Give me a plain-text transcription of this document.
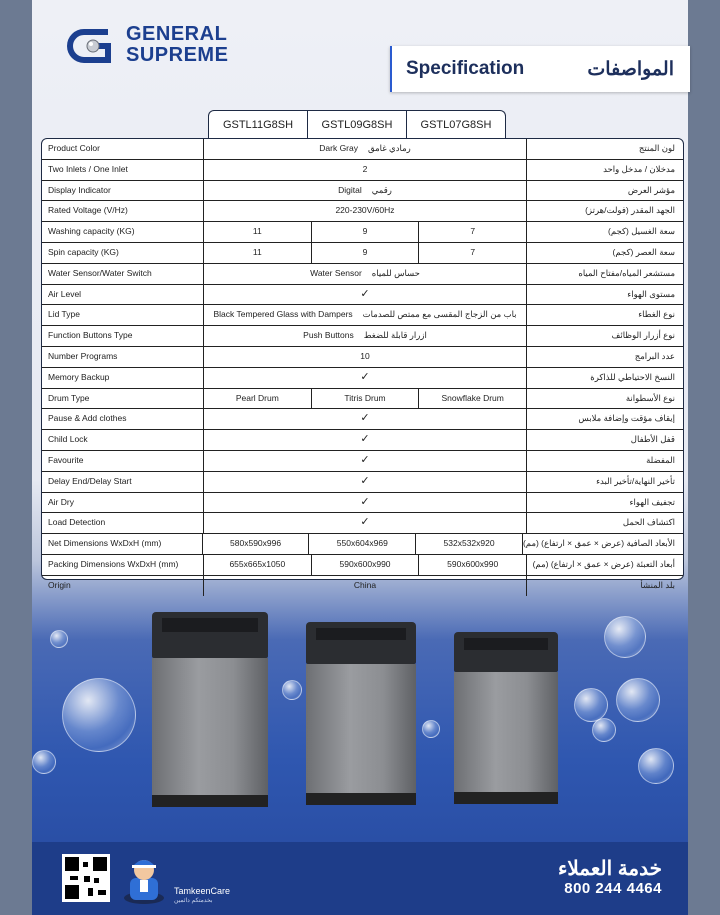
GENERAL
SUPREME
Specification	المواصفات
GSTL11G8SH	GSTL09G8SH	GSTL07G8SH
Product Color	Dark Gray رمادي غامق	لون المنتج
Two Inlets / One Inlet	2	مدخلان / مدخل واحد
Display Indicator	Digital رقمي	مؤشر العرض
Rated Voltage (V/Hz)	220-230V/60Hz	الجهد المقدر (فولت/هرتز)
Washing capacity (KG)	11	9	7	سعة الغسيل (كجم)
Spin capacity (KG)	11	9	7	سعة العصر (كجم)
Water Sensor/Water Switch	Water Sensor حساس للمياه	مستشعر المياه/مفتاح المياه
Air Level	✓	مستوى الهواء
Lid Type	Black Tempered Glass with Dampers باب من الزجاج المقسى مع ممتص للصدمات	نوع الغطاء
Function Buttons Type	Push Buttons ازرار قابلة للضغط	نوع أزرار الوظائف
Number Programs	10	عدد البرامج
Memory Backup	✓	النسخ الاحتياطي للذاكرة
Drum Type	Pearl Drum	Titris Drum	Snowflake Drum	نوع الأسطوانة
Pause & Add clothes	✓	إيقاف مؤقت وإضافة ملابس
Child Lock	✓	قفل الأطفال
Favourite	✓	المفضلة
Delay End/Delay Start	✓	تأخير النهاية/تأخير البدء
Air Dry	✓	تجفيف الهواء
Load Detection	✓	اكتشاف الحمل
Net Dimensions WxDxH (mm)	580x590x996	550x604x969	532x532x920	الأبعاد الصافية (عرض × عمق × ارتفاع) (مم)
Packing Dimensions WxDxH (mm)	655x665x1050	590x600x990	590x600x990	أبعاد التعبئة (عرض × عمق × ارتفاع) (مم)
Origin	China	بلد المنشأ
TamkeenCare
بخدمتكم دائمين
خدمة العملاء
800 244 4464
